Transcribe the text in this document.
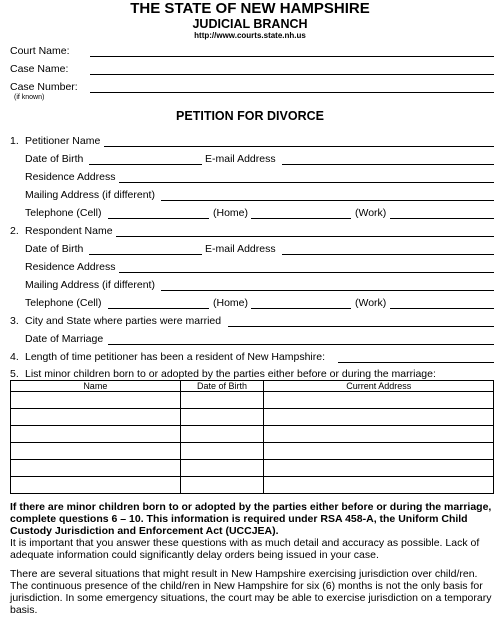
THE STATE OF NEW HAMPSHIRE
JUDICIAL BRANCH
http://www.courts.state.nh.us
Court Name:
Case Name:
Case Number:
(if known)
PETITION FOR DIVORCE
1. Petitioner Name
Date of Birth	E-mail Address
Residence Address
Mailing Address (if different)
Telephone (Cell)	(Home)	(Work)
2. Respondent Name
Date of Birth	E-mail Address
Residence Address
Mailing Address (if different)
Telephone (Cell)	(Home)	(Work)
3. City and State where parties were married
Date of Marriage
4. Length of time petitioner has been a resident of New Hampshire:
5. List minor children born to or adopted by the parties either before or during the marriage:
Name	Date of Birth	Current Address

If there are minor children born to or adopted by the parties either before or during the marriage, complete questions 6 – 10. This information is required under RSA 458-A, the Uniform Child Custody Jurisdiction and Enforcement Act (UCCJEA).
It is important that you answer these questions with as much detail and accuracy as possible. Lack of adequate information could significantly delay orders being issued in your case.
There are several situations that might result in New Hampshire exercising jurisdiction over child/ren. The continuous presence of the child/ren in New Hampshire for six (6) months is not the only basis for jurisdiction. In some emergency situations, the court may be able to exercise jurisdiction on a temporary basis.
